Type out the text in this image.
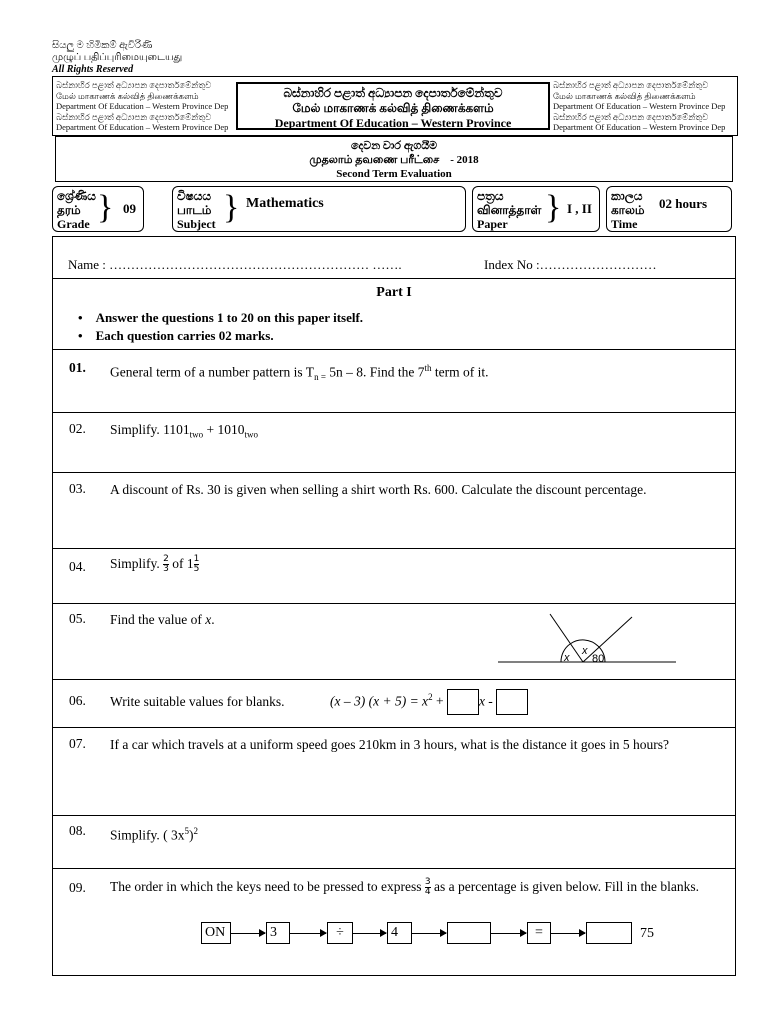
සියලු ම හිමිකම් ඇවිරිණි
முழுப் பதிப்புரிமையுடையது
All Rights Reserved
බස්නාහිර පළාත් අධ්‍යාපන දෙපාර්තමේන්තුව
மேல் மாகாணக் கல்வித் திணைக்களம்
Department Of Education – Western Province Dep
බස්නාහිර පළාත් අධ්‍යාපන දෙපාර්තමේන්තුව
Department Of Education – Western Province Dep
බස්නාහිර පළාත් අධ්‍යාපන දෙපාර්තමේන්තුව
மேல் மாகாணக் கல்வித் திணைக்களம்
Department Of Education – Western Province Dep
බස්නාහිර පළාත් අධ්‍යාපන දෙපාර්තමේන්තුව
Department Of Education – Western Province Dep
බස්නාහිර පළාත් අධ්‍යාපන දෙපාර්තමේන්තුව
மேல் மாகாணக் கல்வித் திணைக்களம்
Department Of Education – Western Province
දෙවන වාර ඇගයීම
முதலாம் தவணை பரீட்சை - 2018
Second Term Evaluation
ශ්‍රේණිය
தரம்
Grade } 09
විෂයය
பாடம்
Subject } Mathematics	පත්‍රය
வினாத்தாள்
Paper	} I , II
කාලය
காலம்
Time
02 hours
Name : …………………………………………………… …….	Index No :………………………
Part I
•    Answer the questions 1 to 20 on this paper itself.
•    Each question carries 02 marks.
01. General term of a number pattern is $T_{n =}$ 5n – 8. Find the 7th term of it.
02. Simplify. $1101_{two} + 1010_{two}$
03. A discount of Rs. 30 is given when selling a shirt worth Rs. 600. Calculate the discount percentage.
04. Simplify. $\frac{2}{3}$ of $1 \frac{1}{5}$
05. Find the value of x.
x
x
80
06. Write suitable values for blanks.	(x – 3) $(x + 5) = x^2 + x$ -
07. If a car which travels at a uniform speed goes 210km in 3 hours, what is the distance it goes in 5 hours?
08. Simplify. ( $3x^5)^2$
09. The order in which the keys need to be pressed to express $\frac{3}{4}$ as a percentage is given below. Fill in the blanks.
ON	3	÷	4	=	75
